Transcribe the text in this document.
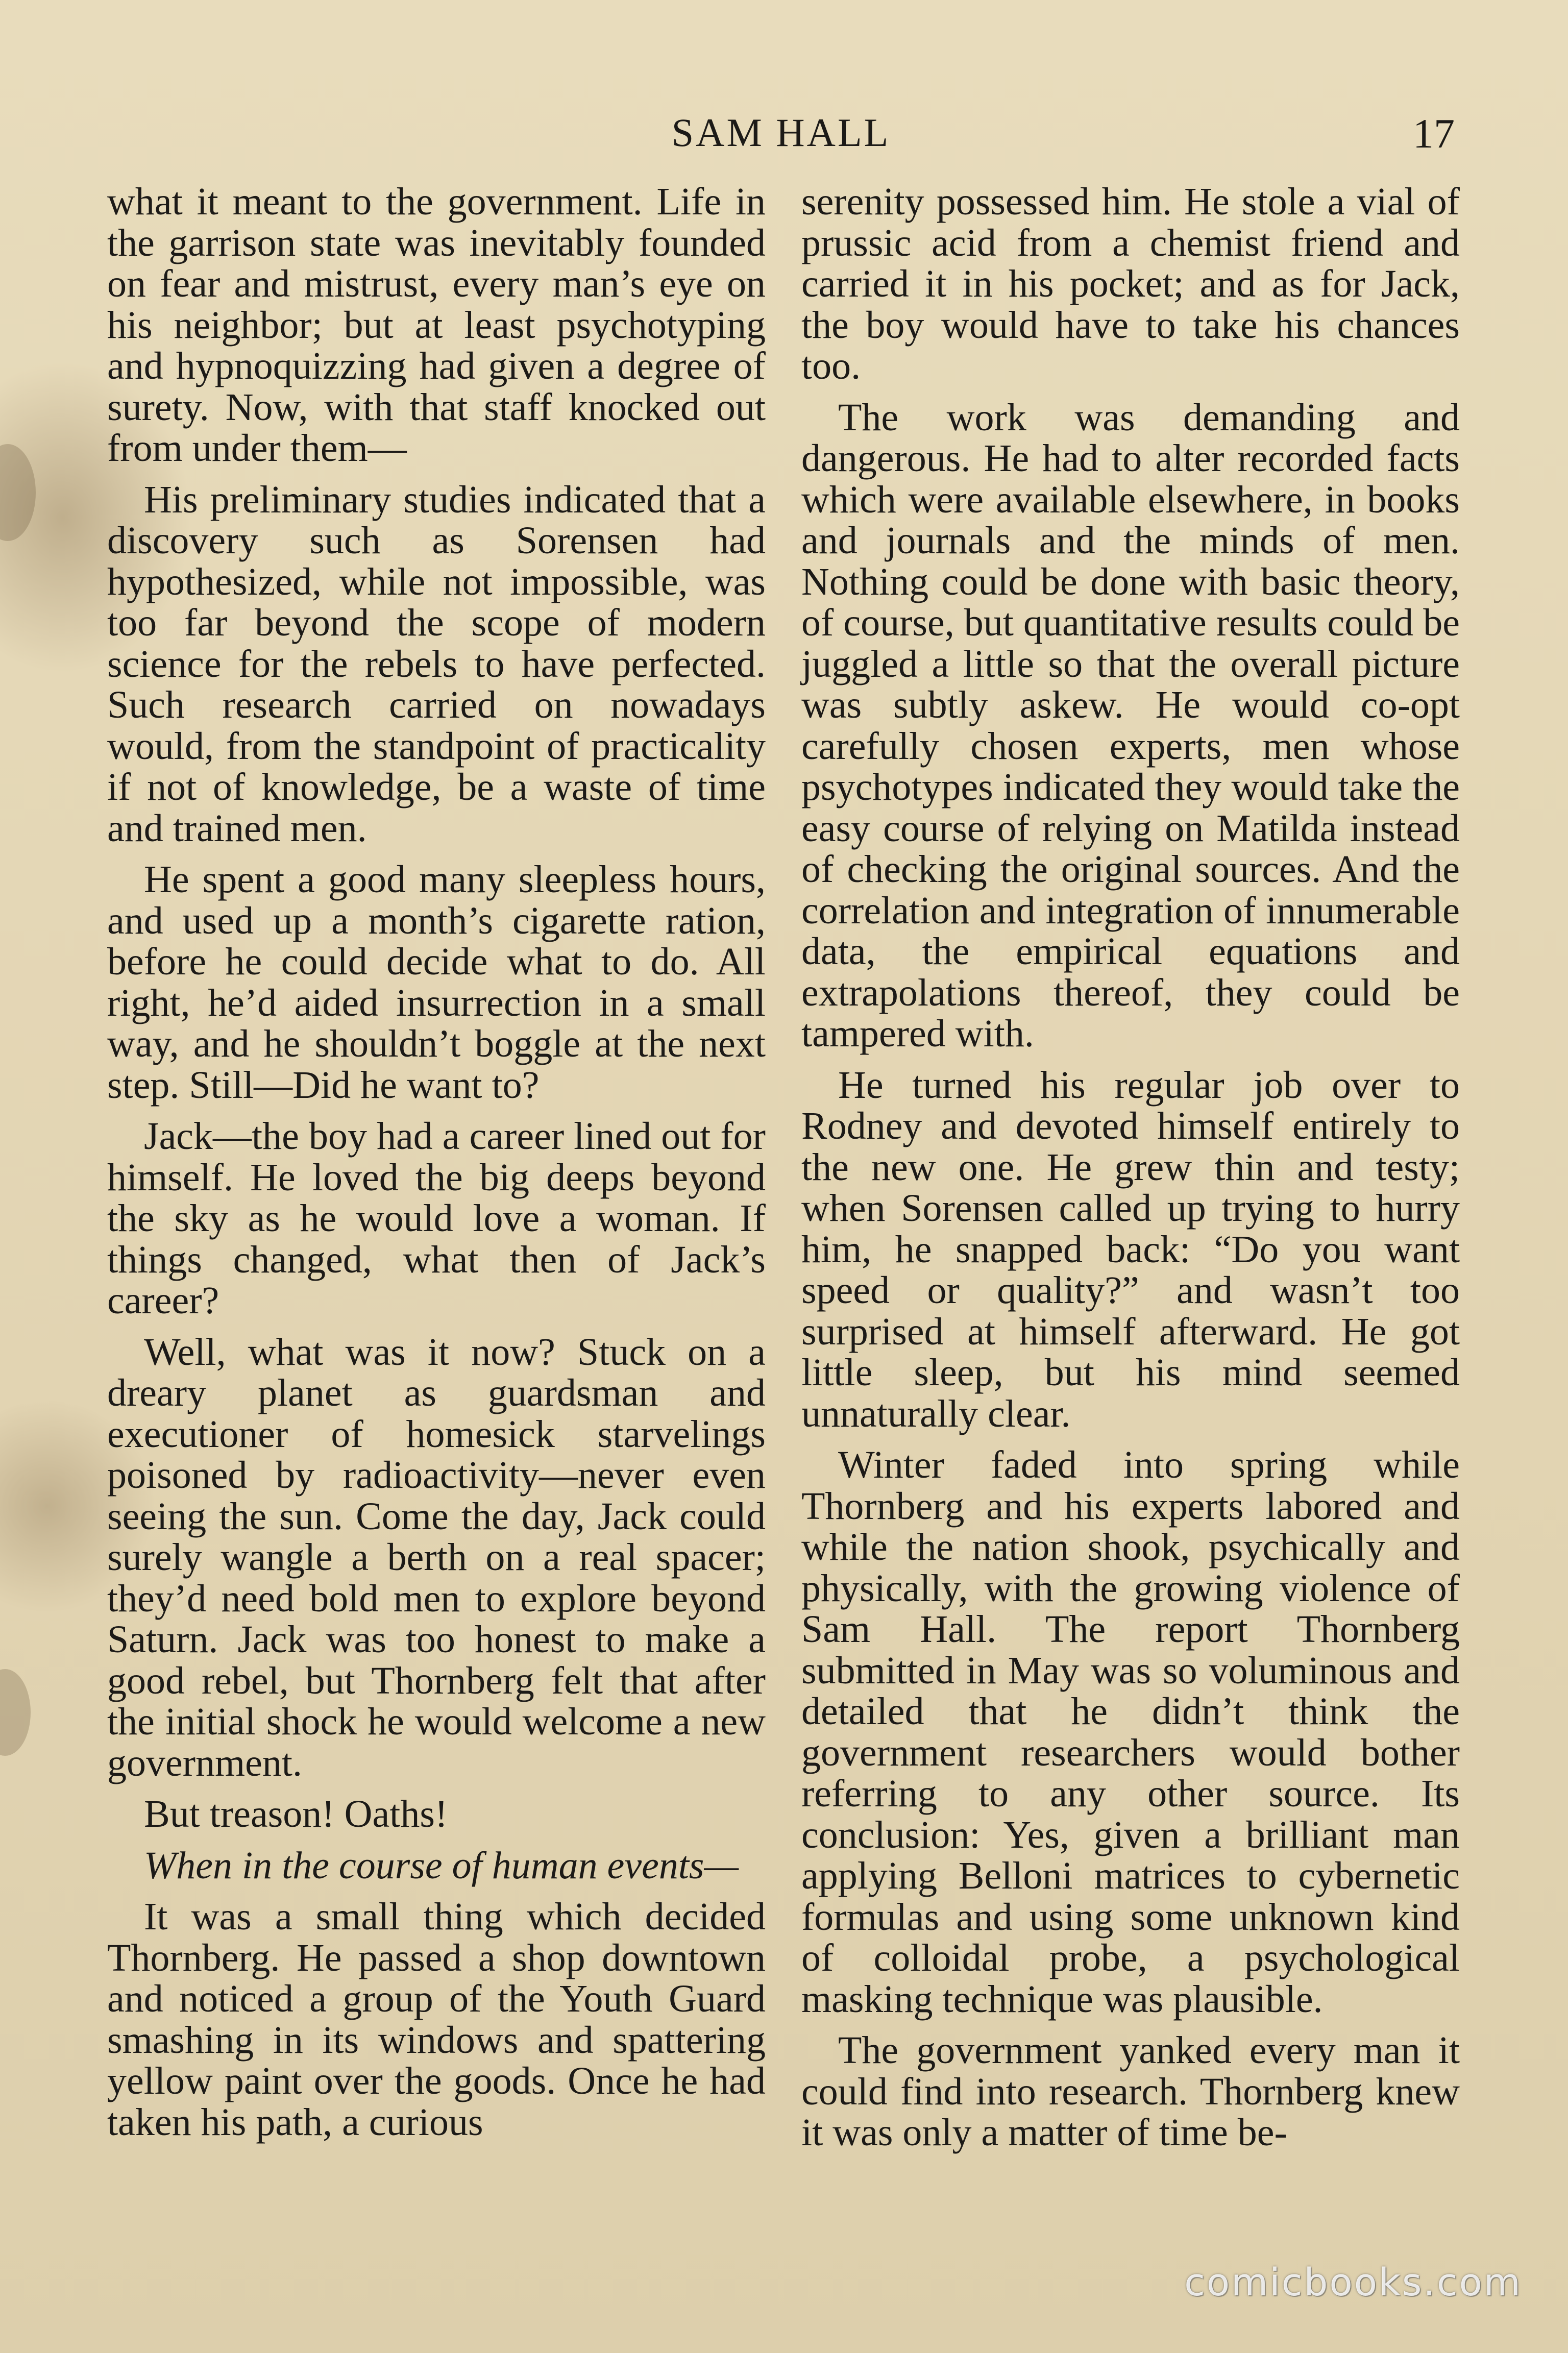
SAM HALL	17

what it meant to the government. Life in the garrison state was inevitably founded on fear and mistrust, every man’s eye on his neighbor; but at least psychotyping and hypnoquizzing had given a degree of surety. Now, with that staff knocked out from under them—

His preliminary studies indicated that a discovery such as Sorensen had hypothesized, while not impossible, was too far beyond the scope of modern science for the rebels to have perfected. Such research carried on nowadays would, from the standpoint of practicality if not of knowledge, be a waste of time and trained men.

He spent a good many sleepless hours, and used up a month’s cigarette ration, before he could decide what to do. All right, he’d aided insurrection in a small way, and he shouldn’t boggle at the next step. Still—Did he want to?

Jack—the boy had a career lined out for himself. He loved the big deeps beyond the sky as he would love a woman. If things changed, what then of Jack’s career?

Well, what was it now? Stuck on a dreary planet as guardsman and executioner of homesick starvelings poisoned by radioactivity—never even seeing the sun. Come the day, Jack could surely wangle a berth on a real spacer; they’d need bold men to explore beyond Saturn. Jack was too honest to make a good rebel, but Thornberg felt that after the initial shock he would welcome a new government.

But treason! Oaths!

When in the course of human events—

It was a small thing which decided Thornberg. He passed a shop downtown and noticed a group of the Youth Guard smashing in its windows and spattering yellow paint over the goods. Once he had taken his path, a curious

serenity possessed him. He stole a vial of prussic acid from a chemist friend and carried it in his pocket; and as for Jack, the boy would have to take his chances too.

The work was demanding and dangerous. He had to alter recorded facts which were available elsewhere, in books and journals and the minds of men. Nothing could be done with basic theory, of course, but quantitative results could be juggled a little so that the overall picture was subtly askew. He would co-opt carefully chosen experts, men whose psychotypes indicated they would take the easy course of relying on Matilda instead of checking the original sources. And the correlation and integration of innumerable data, the empirical equations and extrapolations thereof, they could be tampered with.

He turned his regular job over to Rodney and devoted himself entirely to the new one. He grew thin and testy; when Sorensen called up trying to hurry him, he snapped back: “Do you want speed or quality?” and wasn’t too surprised at himself afterward. He got little sleep, but his mind seemed unnaturally clear.

Winter faded into spring while Thornberg and his experts labored and while the nation shook, psychically and physically, with the growing violence of Sam Hall. The report Thornberg submitted in May was so voluminous and detailed that he didn’t think the government researchers would bother referring to any other source. Its conclusion: Yes, given a brilliant man applying Belloni matrices to cybernetic formulas and using some unknown kind of colloidal probe, a psychological masking technique was plausible.

The government yanked every man it could find into research. Thornberg knew it was only a matter of time be-

comicbooks.com
